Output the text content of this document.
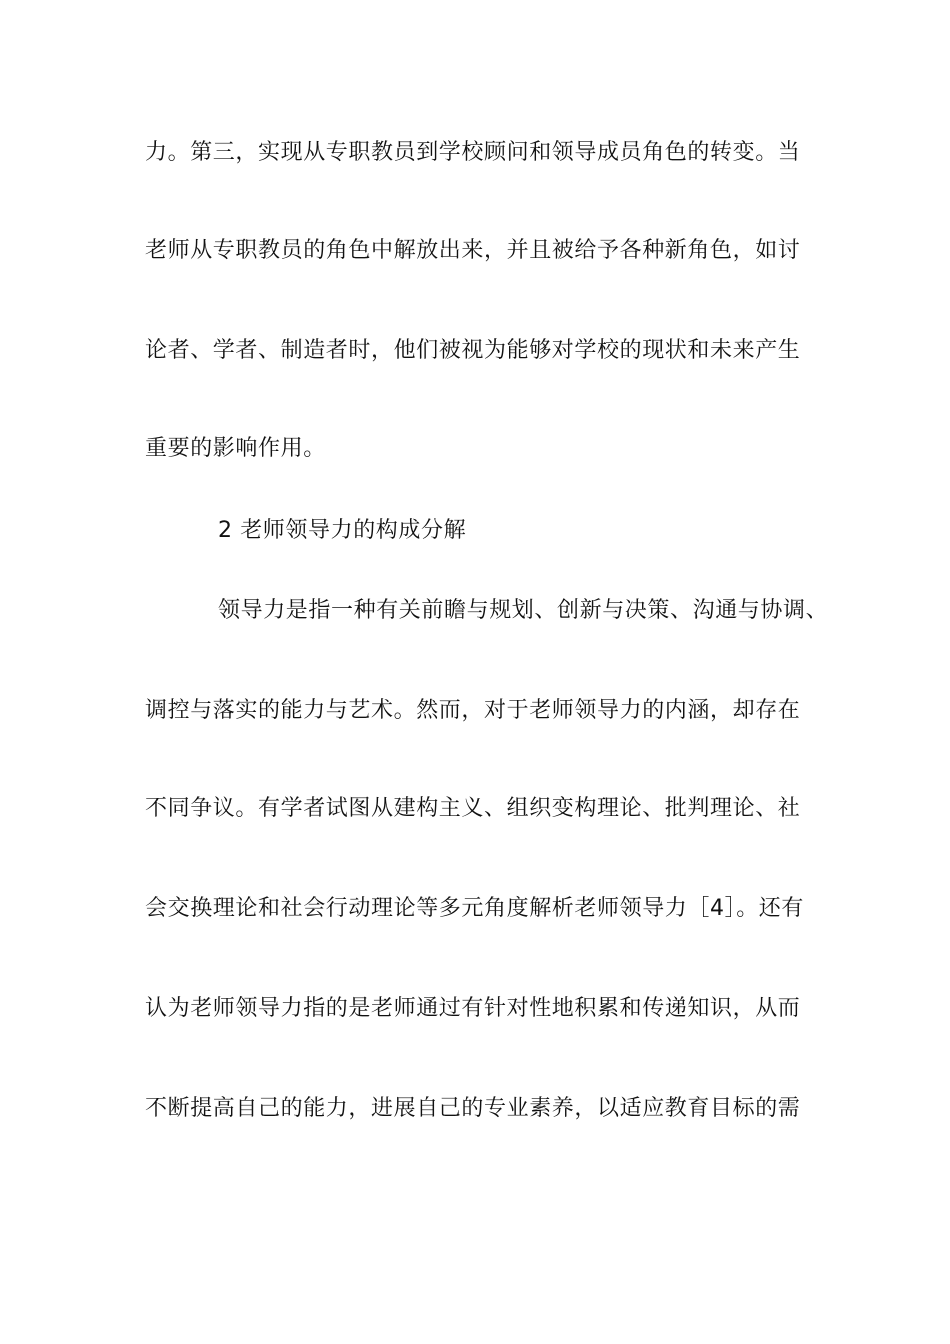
力。第三，实现从专职教员到学校顾问和领导成员角色的转变。当
老师从专职教员的角色中解放出来，并且被给予各种新角色，如讨
论者、学者、制造者时，他们被视为能够对学校的现状和未来产生
重要的影响作用。
2 老师领导力的构成分解
领导力是指一种有关前瞻与规划、创新与决策、沟通与协调、
调控与落实的能力与艺术。然而，对于老师领导力的内涵，却存在
不同争议。有学者试图从建构主义、组织变构理论、批判理论、社
会交换理论和社会行动理论等多元角度解析老师领导力［4］。还有
认为老师领导力指的是老师通过有针对性地积累和传递知识，从而
不断提高自己的能力，进展自己的专业素养，以适应教育目标的需
